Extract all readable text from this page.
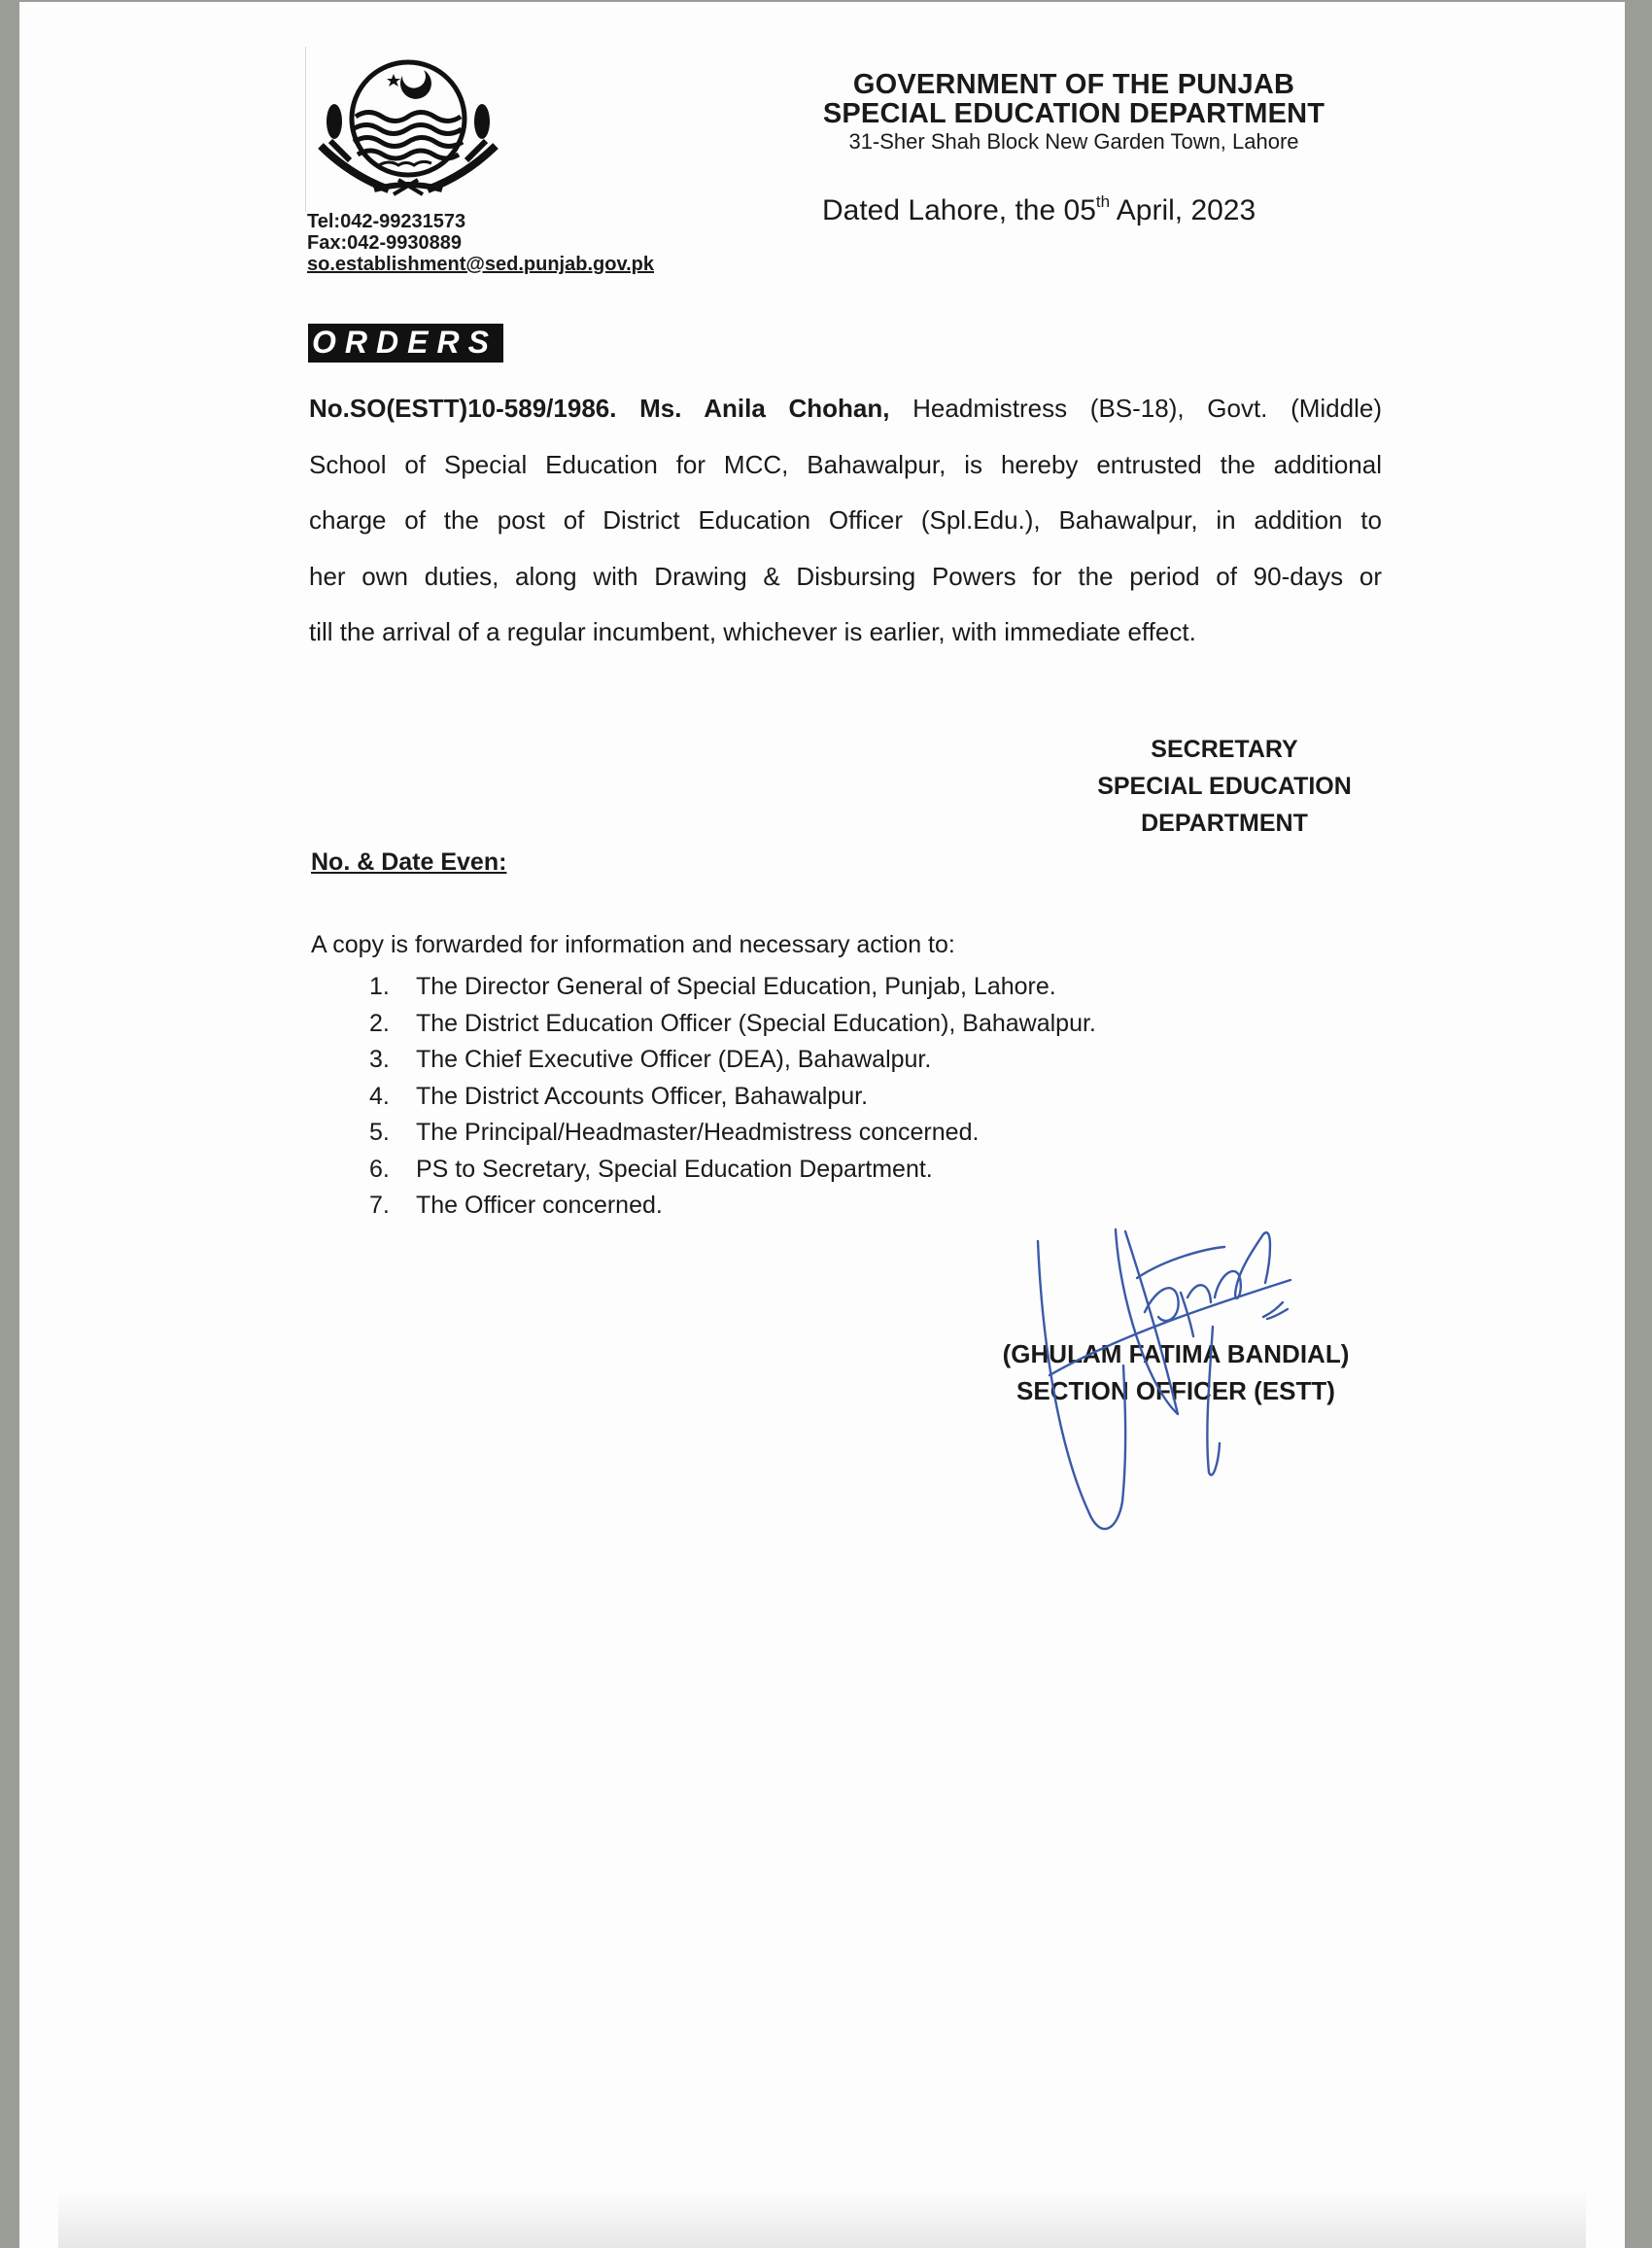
Tel:042-99231573
Fax:042-9930889
so.establishment@sed.punjab.gov.pk
GOVERNMENT OF THE PUNJAB
SPECIAL EDUCATION DEPARTMENT
31-Sher Shah Block New Garden Town, Lahore
Dated Lahore, the 05th April, 2023
ORDERS
No.SO(ESTT)10-589/1986. Ms. Anila Chohan, Headmistress (BS-18), Govt. (Middle)
School of Special Education for MCC, Bahawalpur, is hereby entrusted the additional
charge of the post of District Education Officer (Spl.Edu.), Bahawalpur, in addition to
her own duties, along with Drawing & Disbursing Powers for the period of 90-days or
till the arrival of a regular incumbent, whichever is earlier, with immediate effect.
SECRETARY
SPECIAL EDUCATION
DEPARTMENT
No. & Date Even:
A copy is forwarded for information and necessary action to:
1. The Director General of Special Education, Punjab, Lahore.
2. The District Education Officer (Special Education), Bahawalpur.
3. The Chief Executive Officer (DEA), Bahawalpur.
4. The District Accounts Officer, Bahawalpur.
5. The Principal/Headmaster/Headmistress concerned.
6. PS to Secretary, Special Education Department.
7. The Officer concerned.
(GHULAM FATIMA BANDIAL)
SECTION OFFICER (ESTT)
